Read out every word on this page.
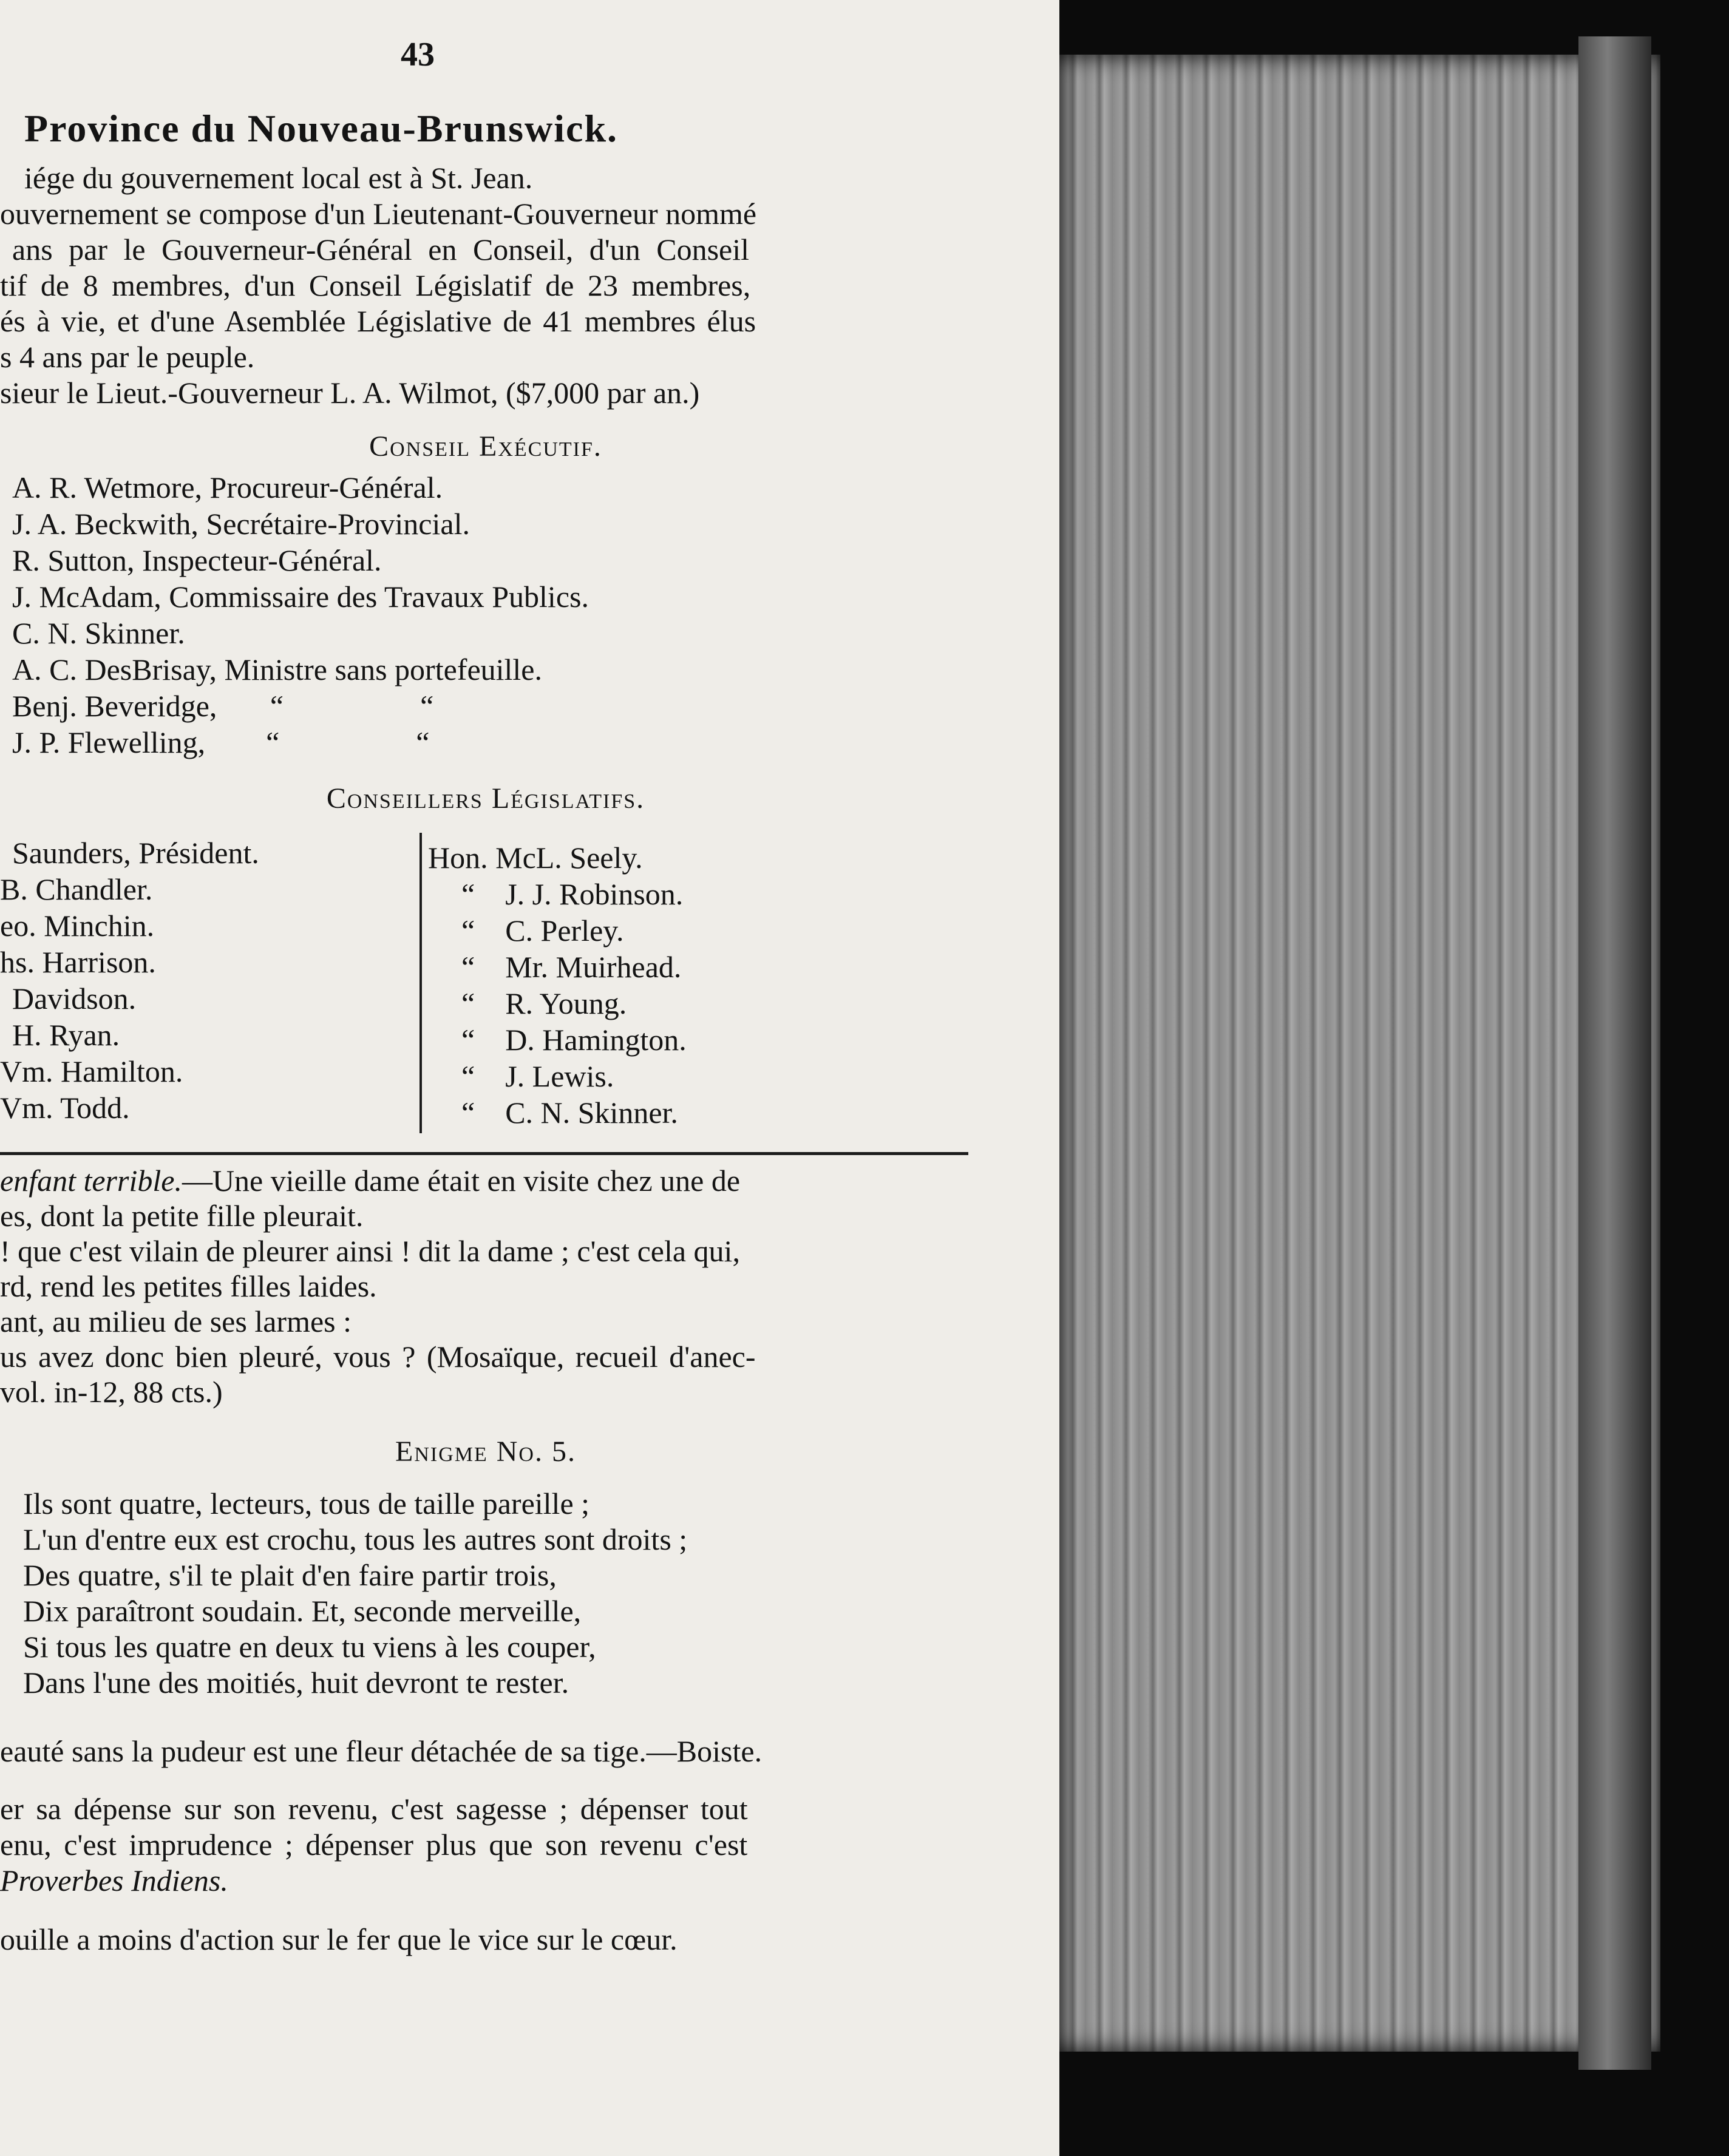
43
Province du Nouveau-Brunswick.
iége du gouvernement local est à St. Jean.
ouvernement se compose d'un Lieutenant-Gouverneur nommé
ans par le Gouverneur-Général en Conseil, d'un Conseil
tif de 8 membres, d'un Conseil Législatif de 23 membres,
és à vie, et d'une Asemblée Législative de 41 membres élus
s 4 ans par le peuple.
sieur le Lieut.-Gouverneur L. A. Wilmot, ($7,000 par an.)
Conseil Exécutif.
A. R. Wetmore, Procureur-Général.
J. A. Beckwith, Secrétaire-Provincial.
R. Sutton, Inspecteur-Général.
J. McAdam, Commissaire des Travaux Publics.
C. N. Skinner.
A. C. DesBrisay, Ministre sans portefeuille.
Benj. Beveridge,       “                  “
J. P. Flewelling,        “                  “
Conseillers Législatifs.
Saunders, Président.
B. Chandler.
eo. Minchin.
hs. Harrison.
Davidson.
H. Ryan.
Vm. Hamilton.
Vm. Todd.
Hon. McL. Seely.
“    J. J. Robinson.
“    C. Perley.
“    Mr. Muirhead.
“    R. Young.
“    D. Hamington.
“    J. Lewis.
“    C. N. Skinner.
enfant terrible.—Une vieille dame était en visite chez une de
es, dont la petite fille pleurait.
! que c'est vilain de pleurer ainsi ! dit la dame ; c'est cela qui,
rd, rend les petites filles laides.
ant, au milieu de ses larmes :
us avez donc bien pleuré, vous ? (Mosaïque, recueil d'anec-
vol. in-12, 88 cts.)
Enigme No. 5.
Ils sont quatre, lecteurs, tous de taille pareille ;
L'un d'entre eux est crochu, tous les autres sont droits ;
Des quatre, s'il te plait d'en faire partir trois,
Dix paraîtront soudain. Et, seconde merveille,
Si tous les quatre en deux tu viens à les couper,
Dans l'une des moitiés, huit devront te rester.
eauté sans la pudeur est une fleur détachée de sa tige.—Boiste.
er sa dépense sur son revenu, c'est sagesse ; dépenser tout
enu, c'est imprudence ; dépenser plus que son revenu c'est
Proverbes Indiens.
ouille a moins d'action sur le fer que le vice sur le cœur.
